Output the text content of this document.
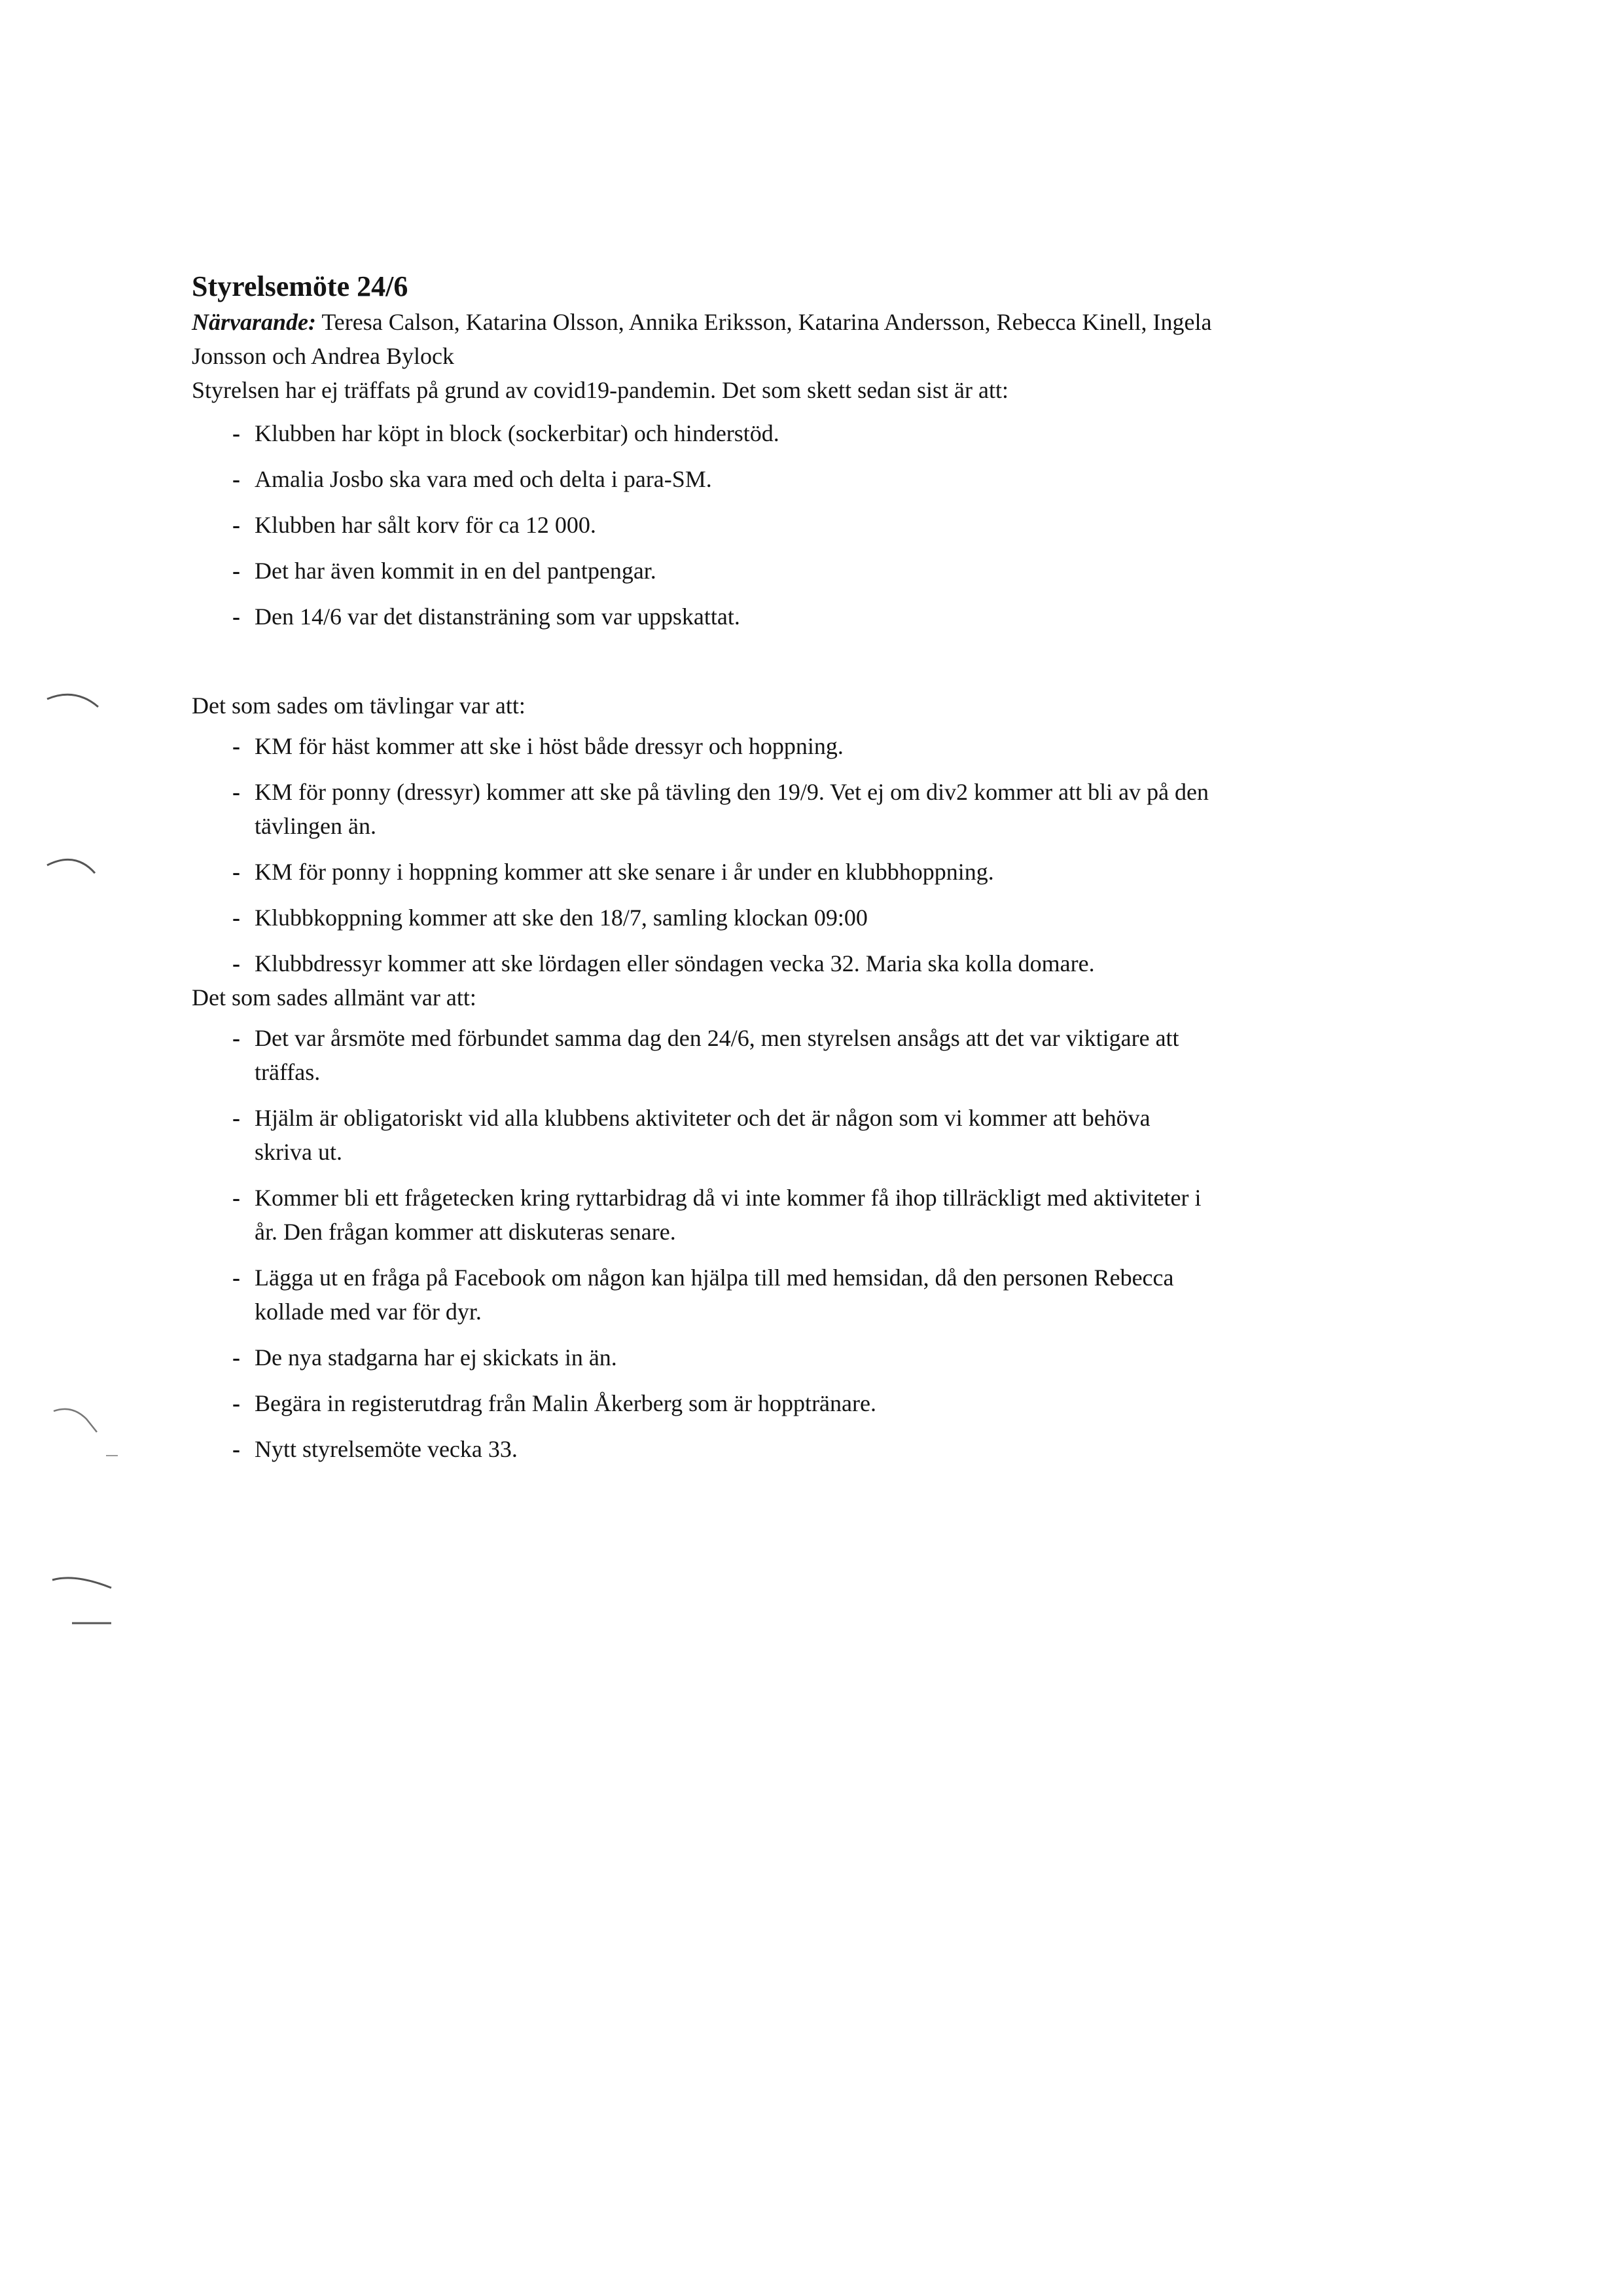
Styrelsemöte 24/6

Närvarande: Teresa Calson, Katarina Olsson, Annika Eriksson, Katarina Andersson, Rebecca Kinell, Ingela Jonsson och Andrea Bylock

Styrelsen har ej träffats på grund av covid19-pandemin. Det som skett sedan sist är att:

- Klubben har köpt in block (sockerbitar) och hinderstöd.
- Amalia Josbo ska vara med och delta i para-SM.
- Klubben har sålt korv för ca 12 000.
- Det har även kommit in en del pantpengar.
- Den 14/6 var det distansträning som var uppskattat.

Det som sades om tävlingar var att:

- KM för häst kommer att ske i höst både dressyr och hoppning.
- KM för ponny (dressyr) kommer att ske på tävling den 19/9. Vet ej om div2 kommer att bli av på den tävlingen än.
- KM för ponny i hoppning kommer att ske senare i år under en klubbhoppning.
- Klubbkoppning kommer att ske den 18/7, samling klockan 09:00
- Klubbdressyr kommer att ske lördagen eller söndagen vecka 32. Maria ska kolla domare.

Det som sades allmänt var att:

- Det var årsmöte med förbundet samma dag den 24/6, men styrelsen ansågs att det var viktigare att träffas.
- Hjälm är obligatoriskt vid alla klubbens aktiviteter och det är någon som vi kommer att behöva skriva ut.
- Kommer bli ett frågetecken kring ryttarbidrag då vi inte kommer få ihop tillräckligt med aktiviteter i år. Den frågan kommer att diskuteras senare.
- Lägga ut en fråga på Facebook om någon kan hjälpa till med hemsidan, då den personen Rebecca kollade med var för dyr.
- De nya stadgarna har ej skickats in än.
- Begära in registerutdrag från Malin Åkerberg som är hopptränare.
- Nytt styrelsemöte vecka 33.
